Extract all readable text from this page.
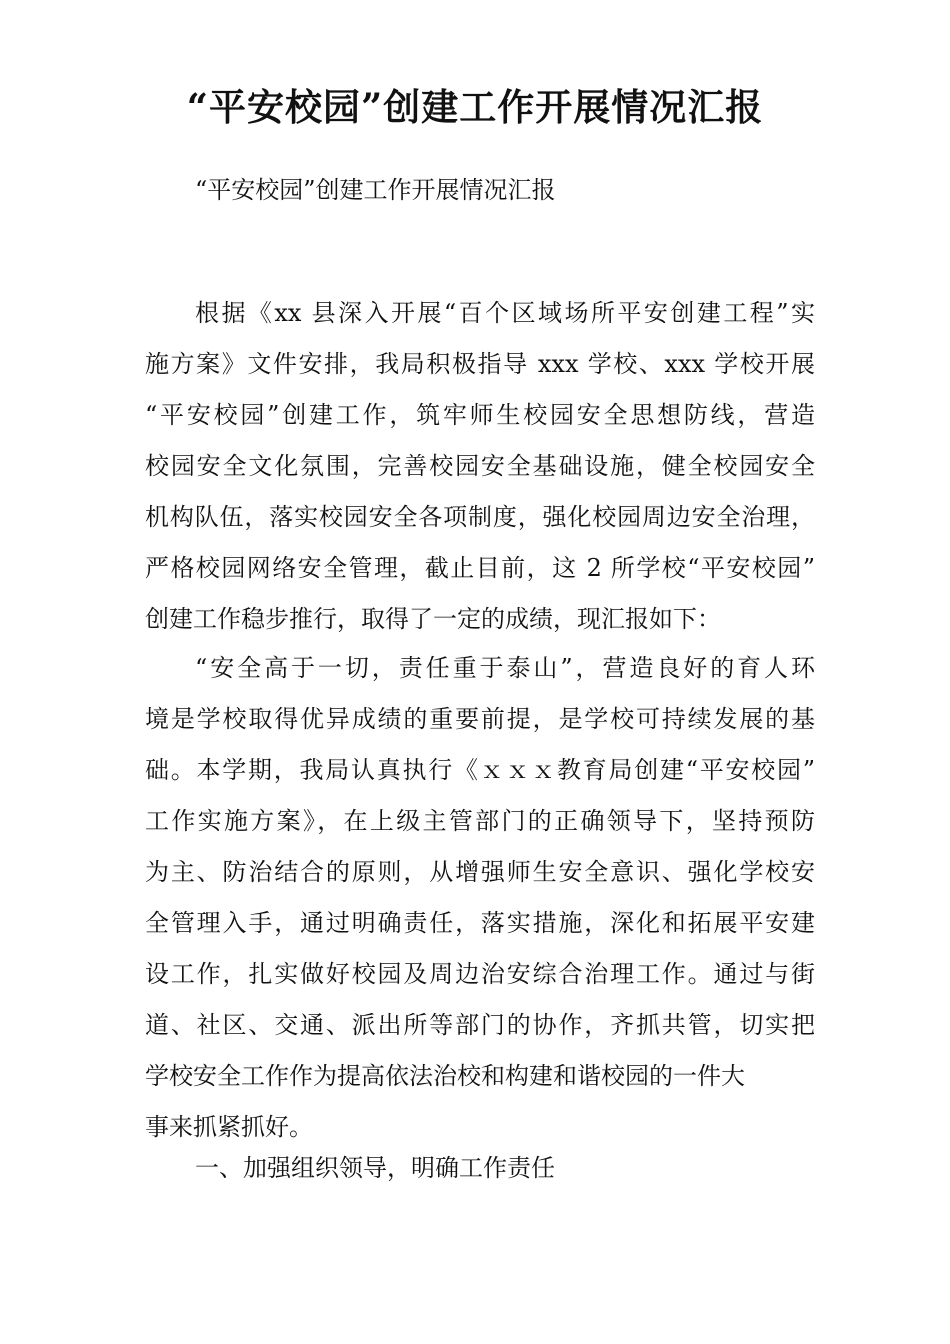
“平安校园”创建工作开展情况汇报
“平安校园”创建工作开展情况汇报
根据《xx 县深入开展“百个区域场所平安创建工程”实
施方案》文件安排，我局积极指导 xxx 学校、xxx 学校开展
“平安校园”创建工作，筑牢师生校园安全思想防线，营造
校园安全文化氛围，完善校园安全基础设施，健全校园安全
机构队伍，落实校园安全各项制度，强化校园周边安全治理，
严格校园网络安全管理，截止目前，这 2 所学校“平安校园”
创建工作稳步推行，取得了一定的成绩，现汇报如下：
“安全高于一切，责任重于泰山”，营造良好的育人环
境是学校取得优异成绩的重要前提，是学校可持续发展的基
础。本学期，我局认真执行《ｘｘｘ教育局创建“平安校园”
工作实施方案》，在上级主管部门的正确领导下，坚持预防
为主、防治结合的原则，从增强师生安全意识、强化学校安
全管理入手，通过明确责任，落实措施，深化和拓展平安建
设工作，扎实做好校园及周边治安综合治理工作。通过与街
道、社区、交通、派出所等部门的协作，齐抓共管，切实把
学校安全工作作为提高依法治校和构建和谐校园的一件大
事来抓紧抓好。
一、加强组织领导，明确工作责任
